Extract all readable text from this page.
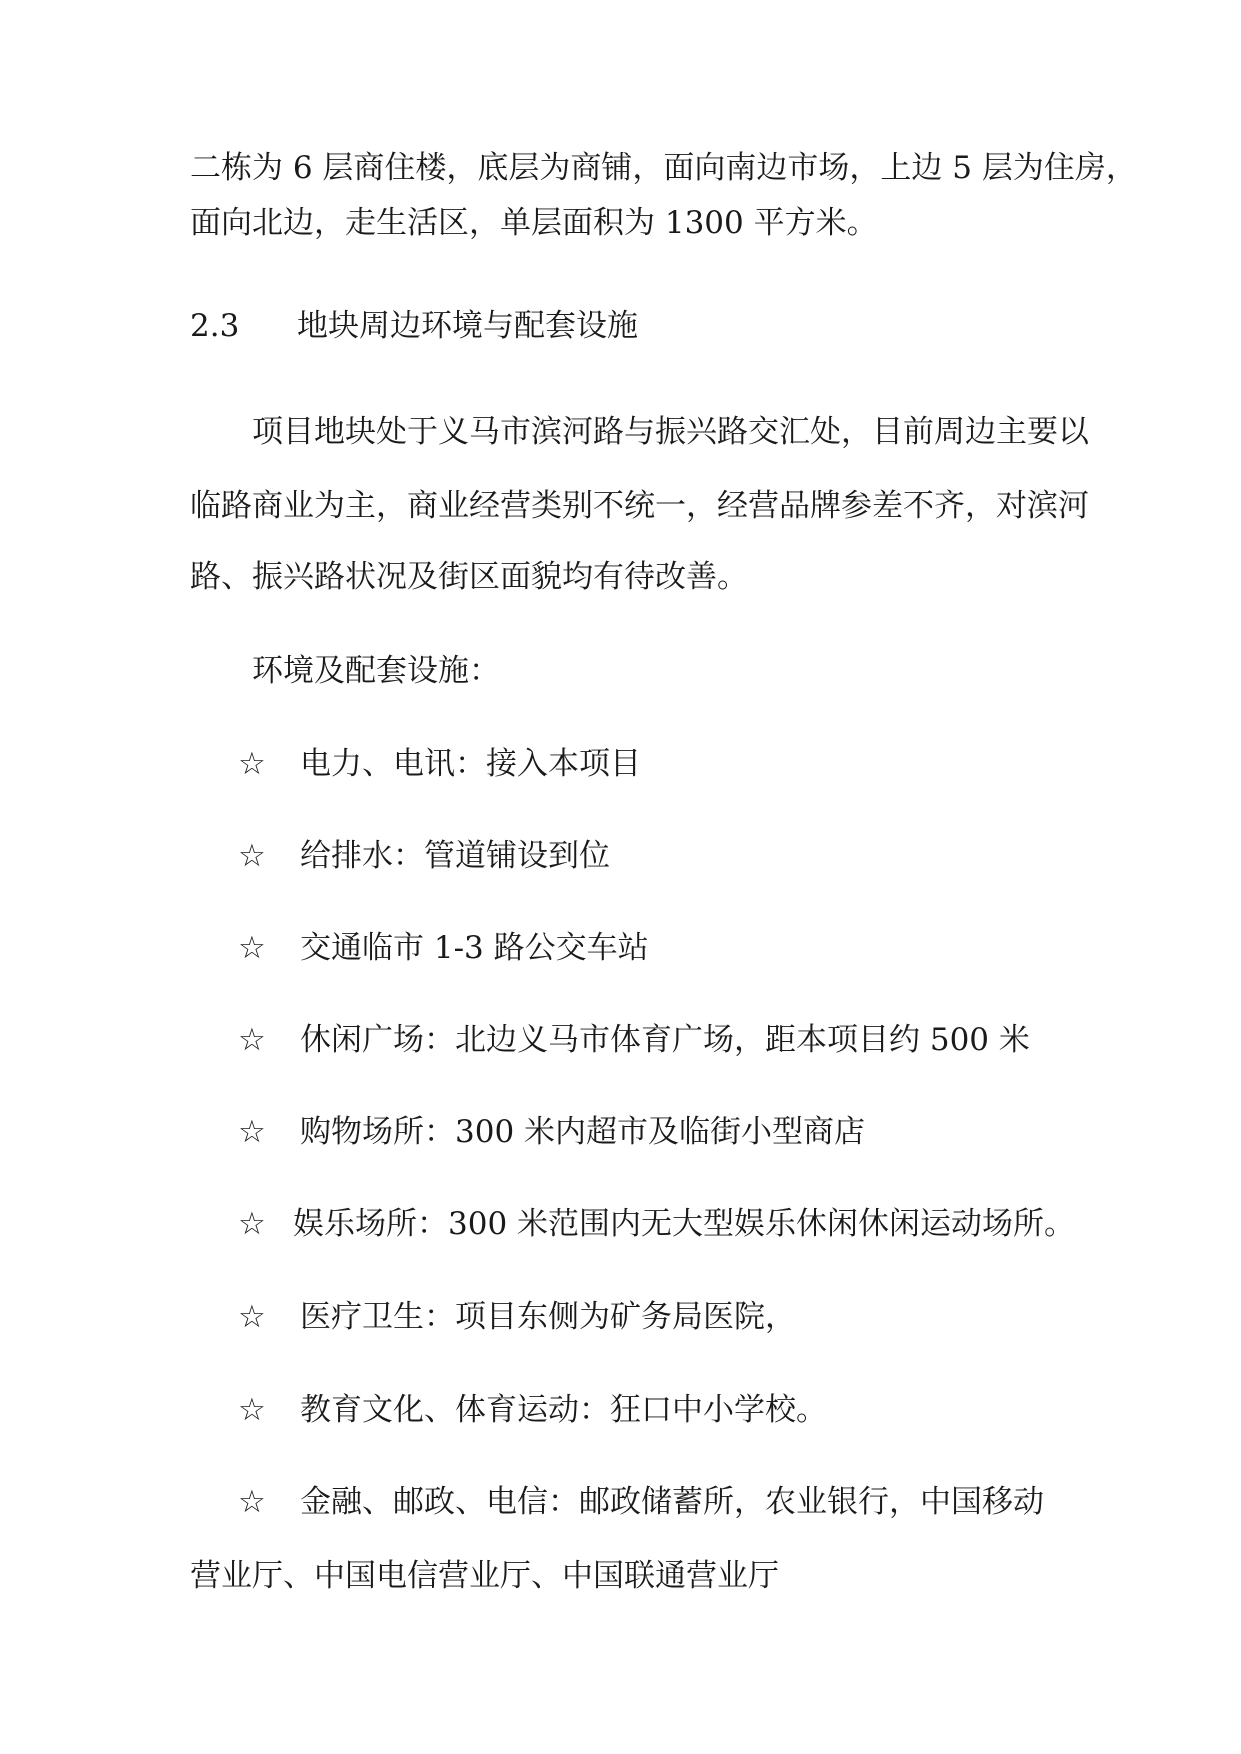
二栋为 6 层商住楼，底层为商铺，面向南边市场，上边 5 层为住房，
面向北边，走生活区，单层面积为 1300 平方米。
2.3 地块周边环境与配套设施
项目地块处于义马市滨河路与振兴路交汇处，目前周边主要以
临路商业为主，商业经营类别不统一，经营品牌参差不齐，对滨河
路、振兴路状况及街区面貌均有待改善。
环境及配套设施：
☆ 电力、电讯：接入本项目
☆ 给排水：管道铺设到位
☆ 交通临市 1-3 路公交车站
☆ 休闲广场：北边义马市体育广场，距本项目约 500 米
☆ 购物场所：300 米内超市及临街小型商店
☆ 娱乐场所：300 米范围内无大型娱乐休闲休闲运动场所。
☆ 医疗卫生：项目东侧为矿务局医院，
☆ 教育文化、体育运动：狂口中小学校。
☆ 金融、邮政、电信：邮政储蓄所，农业银行，中国移动
营业厅、中国电信营业厅、中国联通营业厅
